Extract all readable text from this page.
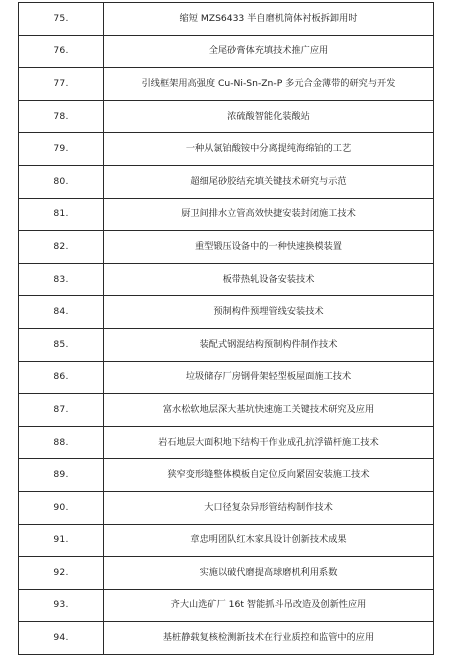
75.	缩短 MZS6433 半自磨机筒体衬板拆卸用时
76.	全尾砂膏体充填技术推广应用
77.	引线框架用高强度 Cu-Ni-Sn-Zn-P 多元合金薄带的研究与开发
78.	浓硫酸智能化装酸站
79.	一种从氯铂酸铵中分离提纯海绵铂的工艺
80.	超细尾砂胶结充填关键技术研究与示范
81.	厨卫间排水立管高效快捷安装封闭施工技术
82.	重型锻压设备中的一种快速换模装置
83.	板带热轧设备安装技术
84.	预制构件预埋管线安装技术
85.	装配式钢混结构预制构件制作技术
86.	垃圾储存厂房钢骨架轻型板屋面施工技术
87.	富水松软地层深大基坑快速施工关键技术研究及应用
88.	岩石地层大面积地下结构干作业成孔抗浮锚杆施工技术
89.	狭窄变形缝整体模板自定位反向紧固安装施工技术
90.	大口径复杂异形管结构制作技术
91.	章忠明团队红木家具设计创新技术成果
92.	实施以破代磨提高球磨机利用系数
93.	齐大山选矿厂 16t 智能抓斗吊改造及创新性应用
94.	基桩静载复核检测新技术在行业质控和监管中的应用
